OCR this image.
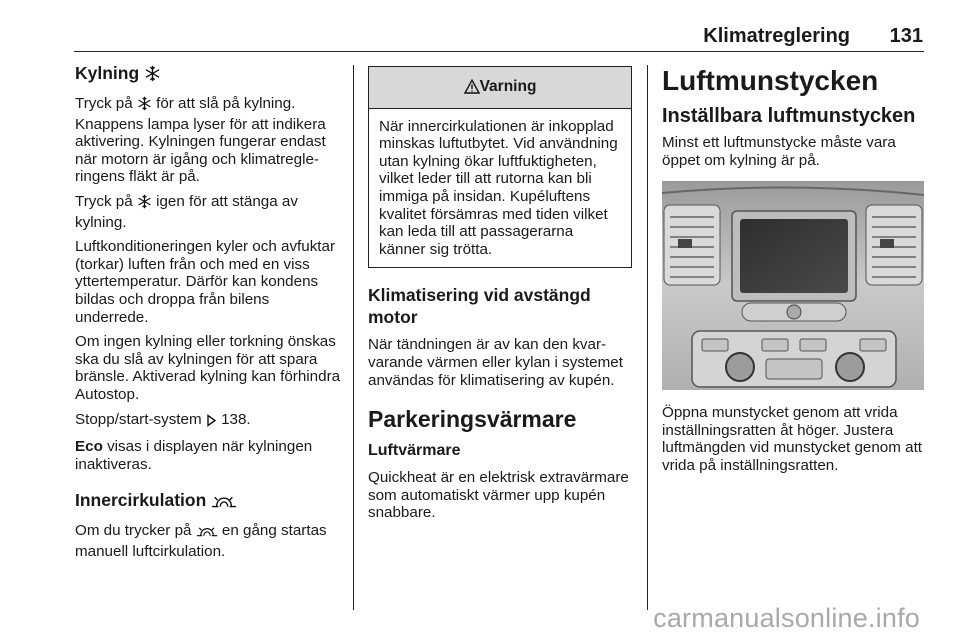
Klimatreglering 131
Kylning

Tryck på  för att slå på kylning. Knappens lampa lyser för att indikera aktivering. Kylningen fungerar endast när motorn är igång och klimatregleringens fläkt är på.

Tryck på  igen för att stänga av kylning.

Luftkonditioneringen kyler och avfuktar (torkar) luften från och med en viss yttertemperatur. Därför kan kondens bildas och droppa från bilens underrede.

Om ingen kylning eller torkning önskas ska du slå av kylningen för att spara bränsle. Aktiverad kylning kan förhindra Autostop.

Stopp/start-system  138.

Eco visas i displayen när kylningen inaktiveras.

Innercirkulation

Om du trycker på  en gång startas manuell luftcirkulation.

Varning
När innercirkulationen är inkopplad minskas luftutbytet. Vid användning utan kylning ökar luftfuktigheten, vilket leder till att rutorna kan bli immiga på insidan. Kupéluftens kvalitet försämras med tiden vilket kan leda till att passagerarna känner sig trötta.
Klimatisering vid avstängd motor

När tändningen är av kan den kvarvarande värmen eller kylan i systemet användas för klimatisering av kupén.

Parkeringsvärmare
Luftvärmare

Quickheat är en elektrisk extravärmare som automatiskt värmer upp kupén snabbare.

Luftmunstycken
Inställbara luftmunstycken

Minst ett luftmunstycke måste vara öppet om kylning är på.

Öppna munstycket genom att vrida inställningsratten åt höger. Justera luftmängden vid munstycket genom att vrida på inställningsratten.

carmanualsonline.info
